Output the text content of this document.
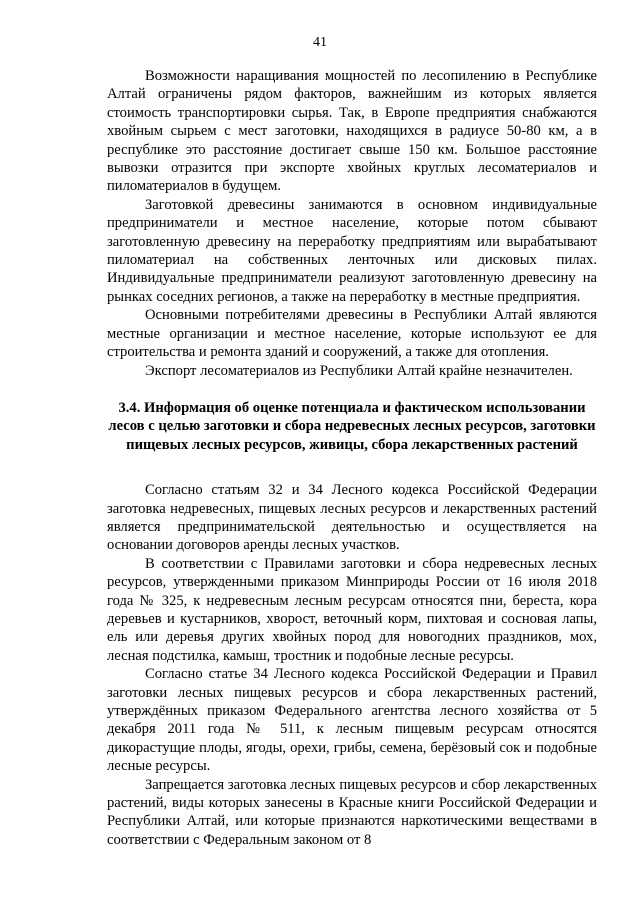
41

Возможности наращивания мощностей по лесопилению в Республике Алтай ограничены рядом факторов, важнейшим из которых является стоимость транспортировки сырья. Так, в Европе предприятия снабжаются хвойным сырьем с мест заготовки, находящихся в радиусе 50-80 км, а в республике это расстояние достигает свыше 150 км. Большое расстояние вывозки отразится при экспорте хвойных круглых лесоматериалов и пиломатериалов в будущем.

Заготовкой древесины занимаются в основном индивидуальные предприниматели и местное население, которые потом сбывают заготовленную древесину на переработку предприятиям или вырабатывают пиломатериал на собственных ленточных или дисковых пилах. Индивидуальные предприниматели реализуют заготовленную древесину на рынках соседних регионов, а также на переработку в местные предприятия.

Основными потребителями древесины в Республики Алтай являются местные организации и местное население, которые используют ее для строительства и ремонта зданий и сооружений, а также для отопления.

Экспорт лесоматериалов из Республики Алтай крайне незначителен.

3.4. Информация об оценке потенциала и фактическом использовании лесов с целью заготовки и сбора недревесных лесных ресурсов, заготовки пищевых лесных ресурсов, живицы, сбора лекарственных растений

Согласно статьям 32 и 34 Лесного кодекса Российской Федерации заготовка недревесных, пищевых лесных ресурсов и лекарственных растений является предпринимательской деятельностью и осуществляется на основании договоров аренды лесных участков.

В соответствии с Правилами заготовки и сбора недревесных лесных ресурсов, утвержденными приказом Минприроды России от 16 июля 2018 года № 325, к недревесным лесным ресурсам относятся пни, береста, кора деревьев и кустарников, хворост, веточный корм, пихтовая и сосновая лапы, ель или деревья других хвойных пород для новогодних праздников, мох, лесная подстилка, камыш, тростник и подобные лесные ресурсы.

Согласно статье 34 Лесного кодекса Российской Федерации и Правил заготовки лесных пищевых ресурсов и сбора лекарственных растений, утверждённых приказом Федерального агентства лесного хозяйства от 5 декабря 2011 года № 511, к лесным пищевым ресурсам относятся дикорастущие плоды, ягоды, орехи, грибы, семена, берёзовый сок и подобные лесные ресурсы.

Запрещается заготовка лесных пищевых ресурсов и сбор лекарственных растений, виды которых занесены в Красные книги Российской Федерации и Республики Алтай, или которые признаются наркотическими веществами в соответствии с Федеральным законом от 8
